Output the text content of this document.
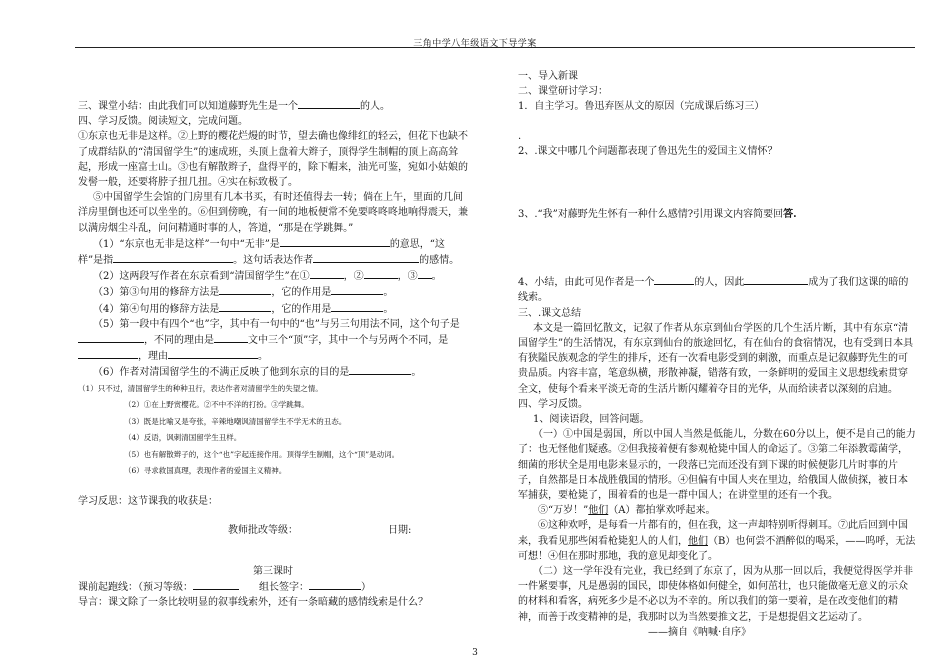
三角中学八年级语文下导学案

三、课堂小结：由此我们可以知道藤野先生是一个	的人。

四、学习反馈。阅读短文，完成问题。

①东京也无非是这样。②上野的樱花烂熳的时节，望去确也像绯红的轻云，但花下也缺不了成群结队的“清国留学生”的速成班，头顶上盘着大辫子，顶得学生制帽的顶上高高耸起，形成一座富士山。③也有解散辫子，盘得平的，除下帽来，油光可鉴，宛如小姑娘的发髻一般，还要将脖子扭几扭。④实在标致极了。

⑤中国留学生会馆的门房里有几本书买，有时还值得去一转；倘在上午，里面的几间洋房里倒也还可以坐坐的。⑥但到傍晚，有一间的地板便常不免要咚咚咚地响得震天，兼以满房烟尘斗乱，问问精通时事的人，答道，“那是在学跳舞。”

（1）“东京也无非是这样”一句中“无非”是	的意思，“这样”是指	。这句话表达作者	的感情。

（2）这两段写作者在东京看到“清国留学生”在①	，②	，③ 。

（3）第③句用的修辞方法是	，它的作用是	。

（4）第④句用的修辞方法是	，它的作用是	。

（5）第一段中有四个“也”字，其中有一句中的“也”与另三句用法不同，这个句子是，不同的理由是	文中三个“顶”字，其中一个与另两个不同，是，理由	。

（6）作者对清国留学生的不满正反映了他到东京的目的是	。

（1）只不过，清国留学生的种种丑行，表达作者对清留学生的失望之情。

（2）①在上野赏樱花。②不中不洋的打扮。③学跳舞。

（3）既是比喻又是夸张，辛辣地嘲讽清国留学生不学无术的丑态。

（4）反语，讽刺清国留学生丑样。

（5）也有解散辫子的，这个“也”字起连接作用。顶得学生制帽，这个“顶”是动词。

（6）寻求救国真理，表现作者的爱国主义精神。

学习反思：这节课我的收获是：

教师批改等级：	日期:

第三课时

课前起跑线：（预习等级：	组长签字：	）

导言：课文除了一条比较明显的叙事线索外，还有一条暗藏的感情线索是什么？

一、导入新课

二、课堂研讨学习：

1．自主学习。鲁迅弃医从文的原因（完成课后练习三）

.

2、.课文中哪几个问题都表现了鲁迅先生的爱国主义情怀？

3、.“我”对藤野先生怀有一种什么感情?引用课文内容简要回答.

4、小结，由此可见作者是一个	的人，因此	成为了我们这课的暗的线索。

三、.课文总结

本文是一篇回忆散文，记叙了作者从东京到仙台学医的几个生活片断，其中有东京“清国留学生”的生活情况，有东京到仙台的旅途回忆，有在仙台的食宿情况，也有受到日本具有狭隘民族观念的学生的排斥，还有一次看电影受到的刺激，而重点是记叙藤野先生的可贵品质。内容丰富，笔意纵横，形散神凝，错落有致，一条鲜明的爱国主义思想线索贯穿全文，使每个看来平淡无奇的生活片断闪耀着夺目的光华，从而给读者以深刻的启迪。

四、学习反馈。

1、阅读语段，回答问题。

（一）①中国是弱国，所以中国人当然是低能儿，分数在60分以上，便不是自己的能力了：也无怪他们疑惑。②但我接着便有参观枪毙中国人的命运了。③第二年添教霉菌学，细菌的形状全是用电影来显示的，一段落已完而还没有到下课的时候便影几片时事的片子，自然都是日本战胜俄国的情形。④但偏有中国人夹在里边，给俄国人做侦探，被日本军捕获，要枪毙了，围着看的也是一群中国人；在讲堂里的还有一个我。

⑤“万岁！”他们（A）都拍掌欢呼起来。

⑥这种欢呼，是每看一片都有的，但在我，这一声却特别听得刺耳。⑦此后回到中国来，我看见那些闲看枪毙犯人的人们，他们（B）也何尝不酒醉似的喝采，——呜呼，无法可想！④但在那时那地，我的意见却变化了。

（二）这一学年没有完业，我已经到了东京了，因为从那一回以后，我便觉得医学并非一件紧要事，凡是愚弱的国民，即使体格如何健全，如何茁壮，也只能做毫无意义的示众的材料和看客，病死多少是不必以为不幸的。所以我们的第一要着，是在改变他们的精神，而善于改变精神的是，我那时以为当然要推文艺，于是想提倡文艺运动了。

——摘自《呐喊·自序》

3
